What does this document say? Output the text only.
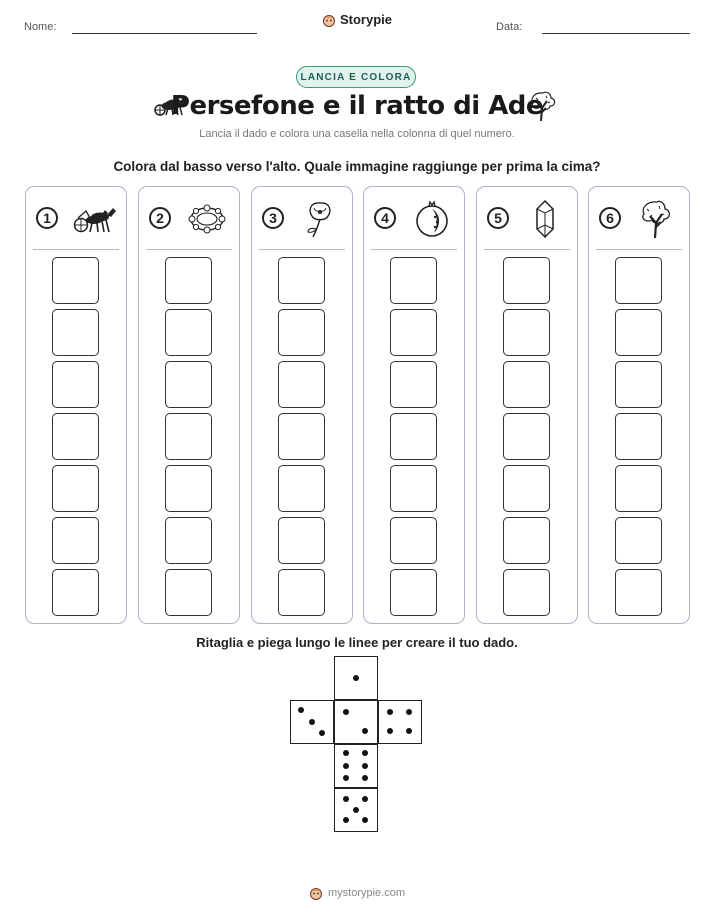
Nome:	Storypie	Data:
LANCIA E COLORA
Persefone e il ratto di Ade
Lancia il dado e colora una casella nella colonna di quel numero.
Colora dal basso verso l'alto. Quale immagine raggiunge per prima la cima?
1	2	3	4	5	6
Ritaglia e piega lungo le linee per creare il tuo dado.
mystorypie.com
